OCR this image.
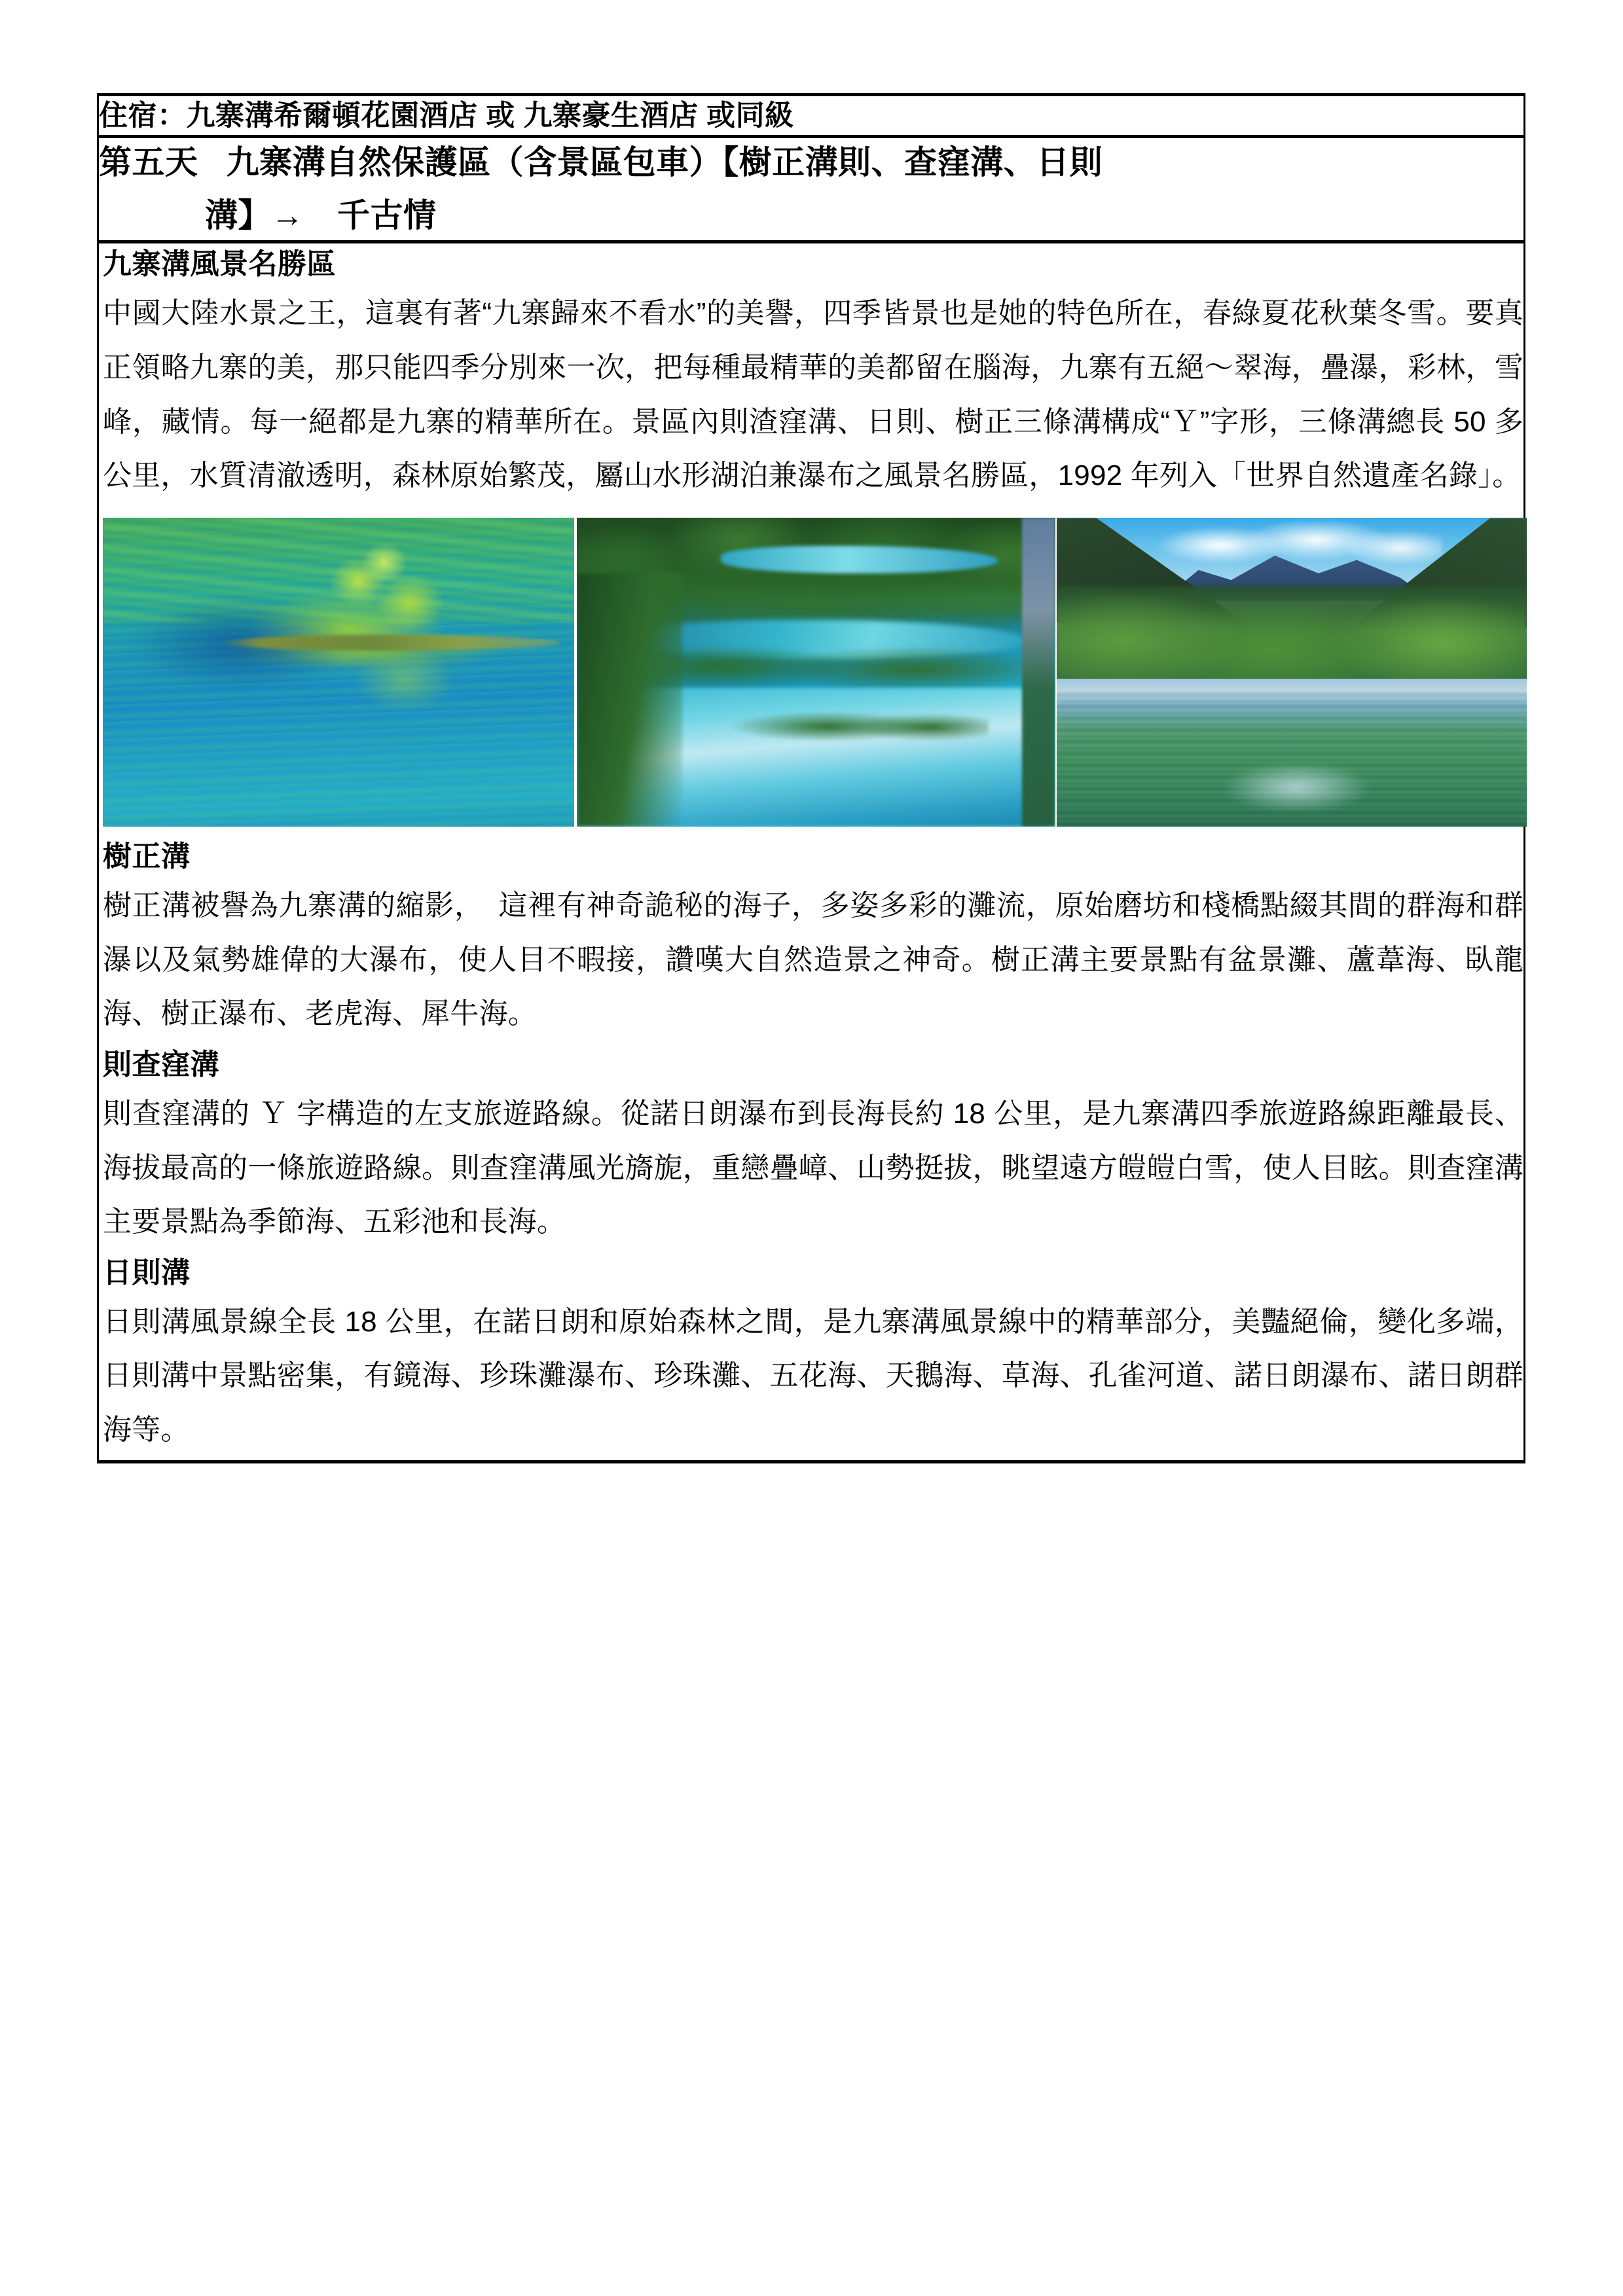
住宿：九寨溝希爾頓花園酒店 或 九寨豪生酒店 或同級

第五天 九寨溝自然保護區（含景區包車）【樹正溝則、查窪溝、日則
溝】→　千古情

九寨溝風景名勝區
中國大陸水景之王，這裏有著“九寨歸來不看水”的美譽，四季皆景也是她的特色所在，春綠夏花秋葉冬雪。要真正領略九寨的美，那只能四季分別來一次，把每種最精華的美都留在腦海，九寨有五絕～翠海，疊瀑，彩林，雪峰，藏情。每一絕都是九寨的精華所在。景區內則渣窪溝、日則、樹正三條溝構成“Ｙ”字形，三條溝總長 50 多公里，水質清澈透明，森林原始繁茂，屬山水形湖泊兼瀑布之風景名勝區，1992 年列入「世界自然遺產名錄」。
樹正溝
樹正溝被譽為九寨溝的縮影，　這裡有神奇詭秘的海子，多姿多彩的灘流，原始磨坊和棧橋點綴其間的群海和群瀑以及氣勢雄偉的大瀑布，使人目不暇接，讚嘆大自然造景之神奇。樹正溝主要景點有盆景灘、蘆葦海、臥龍海、樹正瀑布、老虎海、犀牛海。
則查窪溝
則查窪溝的 Ｙ 字構造的左支旅遊路線。從諾日朗瀑布到長海長約 18 公里，是九寨溝四季旅遊路線距離最長、海拔最高的一條旅遊路線。則查窪溝風光旖旎，重戀疊嶂、山勢挺拔，眺望遠方皚皚白雪，使人目眩。則查窪溝主要景點為季節海、五彩池和長海。
日則溝
日則溝風景線全長 18 公里，在諾日朗和原始森林之間，是九寨溝風景線中的精華部分，美豔絕倫，變化多端，日則溝中景點密集，有鏡海、珍珠灘瀑布、珍珠灘、五花海、天鵝海、草海、孔雀河道、諾日朗瀑布、諾日朗群海等。
